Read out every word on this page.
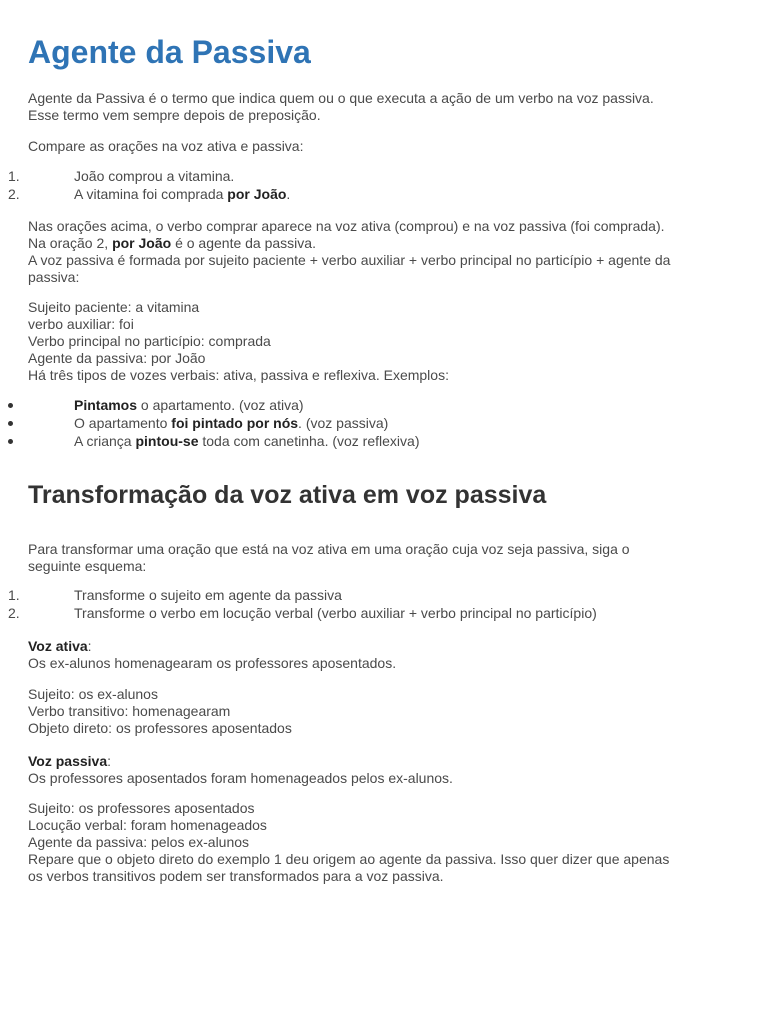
Agente da Passiva
Agente da Passiva é o termo que indica quem ou o que executa a ação de um verbo na voz passiva.
Esse termo vem sempre depois de preposição.
Compare as orações na voz ativa e passiva:
1.	João comprou a vitamina.
2.	A vitamina foi comprada por João.
Nas orações acima, o verbo comprar aparece na voz ativa (comprou) e na voz passiva (foi comprada).
Na oração 2, por João é o agente da passiva.
A voz passiva é formada por sujeito paciente + verbo auxiliar + verbo principal no particípio + agente da
passiva:
Sujeito paciente: a vitamina
verbo auxiliar: foi
Verbo principal no particípio: comprada
Agente da passiva: por João
Há três tipos de vozes verbais: ativa, passiva e reflexiva. Exemplos:
Pintamos o apartamento. (voz ativa)
O apartamento foi pintado por nós. (voz passiva)
A criança pintou-se toda com canetinha. (voz reflexiva)
Transformação da voz ativa em voz passiva
Para transformar uma oração que está na voz ativa em uma oração cuja voz seja passiva, siga o
seguinte esquema:
1.	Transforme o sujeito em agente da passiva
2.	Transforme o verbo em locução verbal (verbo auxiliar + verbo principal no particípio)
Voz ativa:
Os ex-alunos homenagearam os professores aposentados.
Sujeito: os ex-alunos
Verbo transitivo: homenagearam
Objeto direto: os professores aposentados
Voz passiva:
Os professores aposentados foram homenageados pelos ex-alunos.
Sujeito: os professores aposentados
Locução verbal: foram homenageados
Agente da passiva: pelos ex-alunos
Repare que o objeto direto do exemplo 1 deu origem ao agente da passiva. Isso quer dizer que apenas
os verbos transitivos podem ser transformados para a voz passiva.
